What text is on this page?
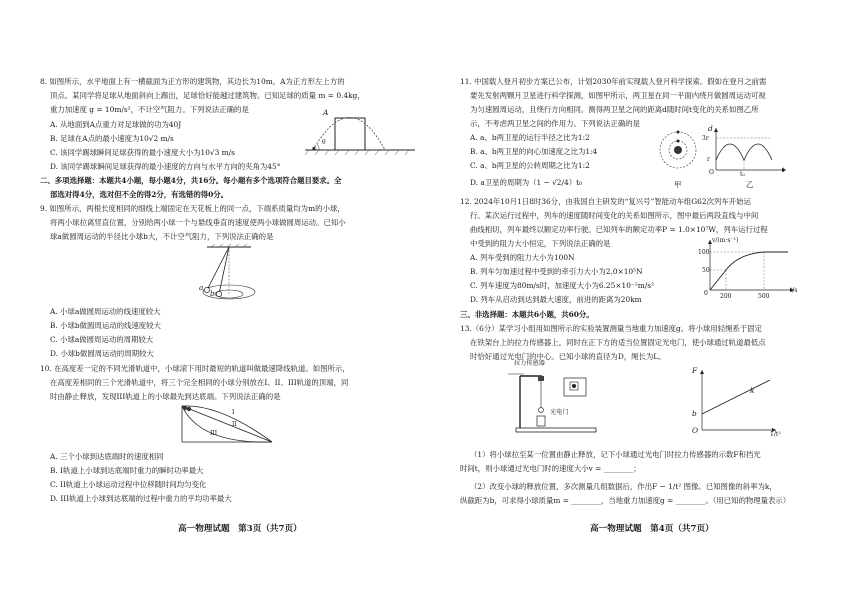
8. 如图所示，水平地面上有一横截面为正方形的建筑物，其边长为10m，A为正方形左上方的
顶点。某同学将足球从地面斜向上踢出，足球恰好能越过建筑物。已知足球的质量 m = 0.4kg，
重力加速度 g = 10m/s²，不计空气阻力。下列说法正确的是
A. 从地面到A点重力对足球做的功为40J
B. 足球在A点的最小速度为10√2 m/s
C. 该同学踢球瞬间足球获得的最小速度大小为10√3 m/s
D. 该同学踢球瞬间足球获得的最小速度的方向与水平方向的夹角为45°
A
θ
二、多项选择题：本题共4小题，每小题4分，共16分。每小题有多个选项符合题目要求。全
部选对得4分，选对但不全的得2分，有选错的得0分。
9. 如图所示，两根长度相同的细线上端固定在天花板上的同一点，下端系质量均为m的小球，
将两小球拉离竖直位置，分别给两小球一个与悬线垂直的速度使两小球做圆周运动。已知小
球a做圆周运动的半径比小球b大，不计空气阻力，下列说法正确的是
a
b
A. 小球a做圆周运动的线速度较大
B. 小球b做圆周运动的线速度较大
C. 小球a做圆周运动的周期较大
D. 小球b做圆周运动的周期较大
10. 在高度差一定的不同光滑轨道中，小球滚下用时最短的轨道叫做最速降线轨道。如图所示，
在高度差相同的三个光滑轨道中，将三个完全相同的小球分别放在I、II、III轨道的顶端，同
时由静止释放，发现III轨道上的小球最先到达底端。下列说法正确的是
I
II
III
A. 三个小球到达底端时的速度相同
B. I轨道上小球到达底端时重力的瞬时功率最大
C. II轨道上小球运动过程中位移随时间均匀变化
D. III轨道上小球到达底端的过程中重力的平均功率最大
高一物理试题　第3页（共7页）
11. 中国载人登月初步方案已公布，计划2030年前实现载人登月科学探索。假如在登月之前需
要先发射两颗月卫星进行科学探测，如图甲所示，两卫星在同一平面内绕月做圆周运动可视
为匀速圆周运动，且绕行方向相同。测得两卫星之间的距离d随时间t变化的关系如图乙所
示，不考虑两卫星之间的作用力。下列说法正确的是
A. a、b两卫星的运行半径之比为1:2
B. a、b两卫星的向心加速度之比为1:4
C. a、b两卫星的公转周期之比为1:2
D. a卫星的周期为（1 − √2/4）t₀	甲
d
3r
r
O	t₀
t
乙
12. 2024年10月1日8时36分，由我国自主研发的“复兴号”智能动车组G62次列车开始运
行。某次运行过程中，列车的速度随时间变化的关系如图所示，图中最后两段直线与中间
曲线相切，列车最终以额定功率行驶。已知列车的额定功率P = 1.0×10⁷W，列车运行过程
中受到的阻力大小恒定，下列说法正确的是
A. 列车受到的阻力大小为100N
B. 列车匀加速过程中受到的牵引力大小为2.0×10⁵N
C. 列车速度为80m/s时，加速度大小为6.25×10⁻²m/s²
D. 列车从启动到达到最大速度，前进的距离为20km
v/(m·s⁻¹)
100
50
0 200	500
t/s
三、非选择题：本题共6小题，共60分。
13.（6分）某学习小组用如图所示的实验装置测量当地重力加速度g。将小球用轻绳系于固定
在铁架台上的拉力传感器上，同时在正下方的适当位置固定光电门，使小球通过轨道最低点
时恰好通过光电门的中心。已知小球的直径为D，绳长为L。
拉力传感器
光电门
F
k
b
O	1/t²
（1）将小球拉至某一位置由静止释放，记下小球通过光电门时拉力传感器的示数F和挡光
时间t，则小球通过光电门时的速度大小v = ________；
（2）改变小球的释放位置，多次测量几组数据后，作出F − 1/t² 图像。已知图像的斜率为k，
纵截距为b，可求得小球质量m = ________，当地重力加速度g = ________。（用已知的物理量表示）
高一物理试题　第4页（共7页）
